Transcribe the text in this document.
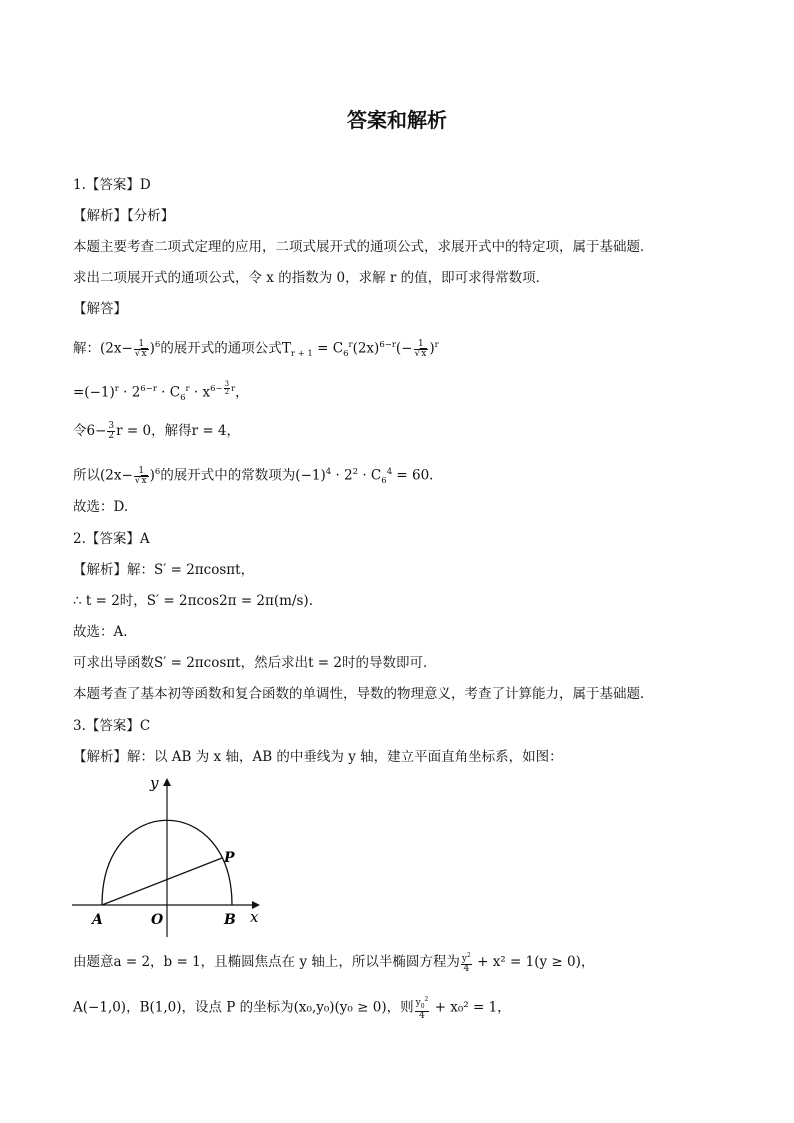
答案和解析
1.【答案】D
【解析】【分析】
本题主要考查二项式定理的应用，二项式展开式的通项公式，求展开式中的特定项，属于基础题．
求出二项展开式的通项公式，令 x 的指数为 0，求解 r 的值，即可求得常数项．
【解答】
解：$(2x- \frac{1}{√x} )^6$的展开式的通项公式$T_{r + 1} = C_6^r(2x)^{6-r}(- \frac{1}{√x} )^r$
$=(-1)^r \cdot 2^{6-r} \cdot C_6^r \cdot x^{6- \frac{3}{2} r}$，
令$6- \frac{3}{2}$ r = 0，解得r = 4，
所以$(2x- \frac{1}{√x} )^6$的展开式中的常数项为$(-1)^4 \cdot 2^2 \cdot C_6^4 = 60$.
故选：D.
2.【答案】A
【解析】解：S′ = 2πcosπt，
∴ t = 2时，S′ = 2πcos2π = 2π(m/s).
故选：A.
可求出导函数S′ = 2πcosπt，然后求出t = 2时的导数即可．
本题考查了基本初等函数和复合函数的单调性，导数的物理意义，考查了计算能力，属于基础题．
3.【答案】C
【解析】解：以 AB 为 x 轴，AB 的中垂线为 y 轴，建立平面直角坐标系，如图：
y
x
A	O	B
P
由题意a = 2，b = 1，且椭圆焦点在 y 轴上，所以半椭圆方程为 $\frac{y^2}{4} + x^2 = 1(y \ge 0)$，
A(−1,0)，B(1,0)，设点 P 的坐标为(x₀,y₀)(y₀ ≥ 0)，则 $\frac{y_0^2}{4} + x_0^2 = 1$，
